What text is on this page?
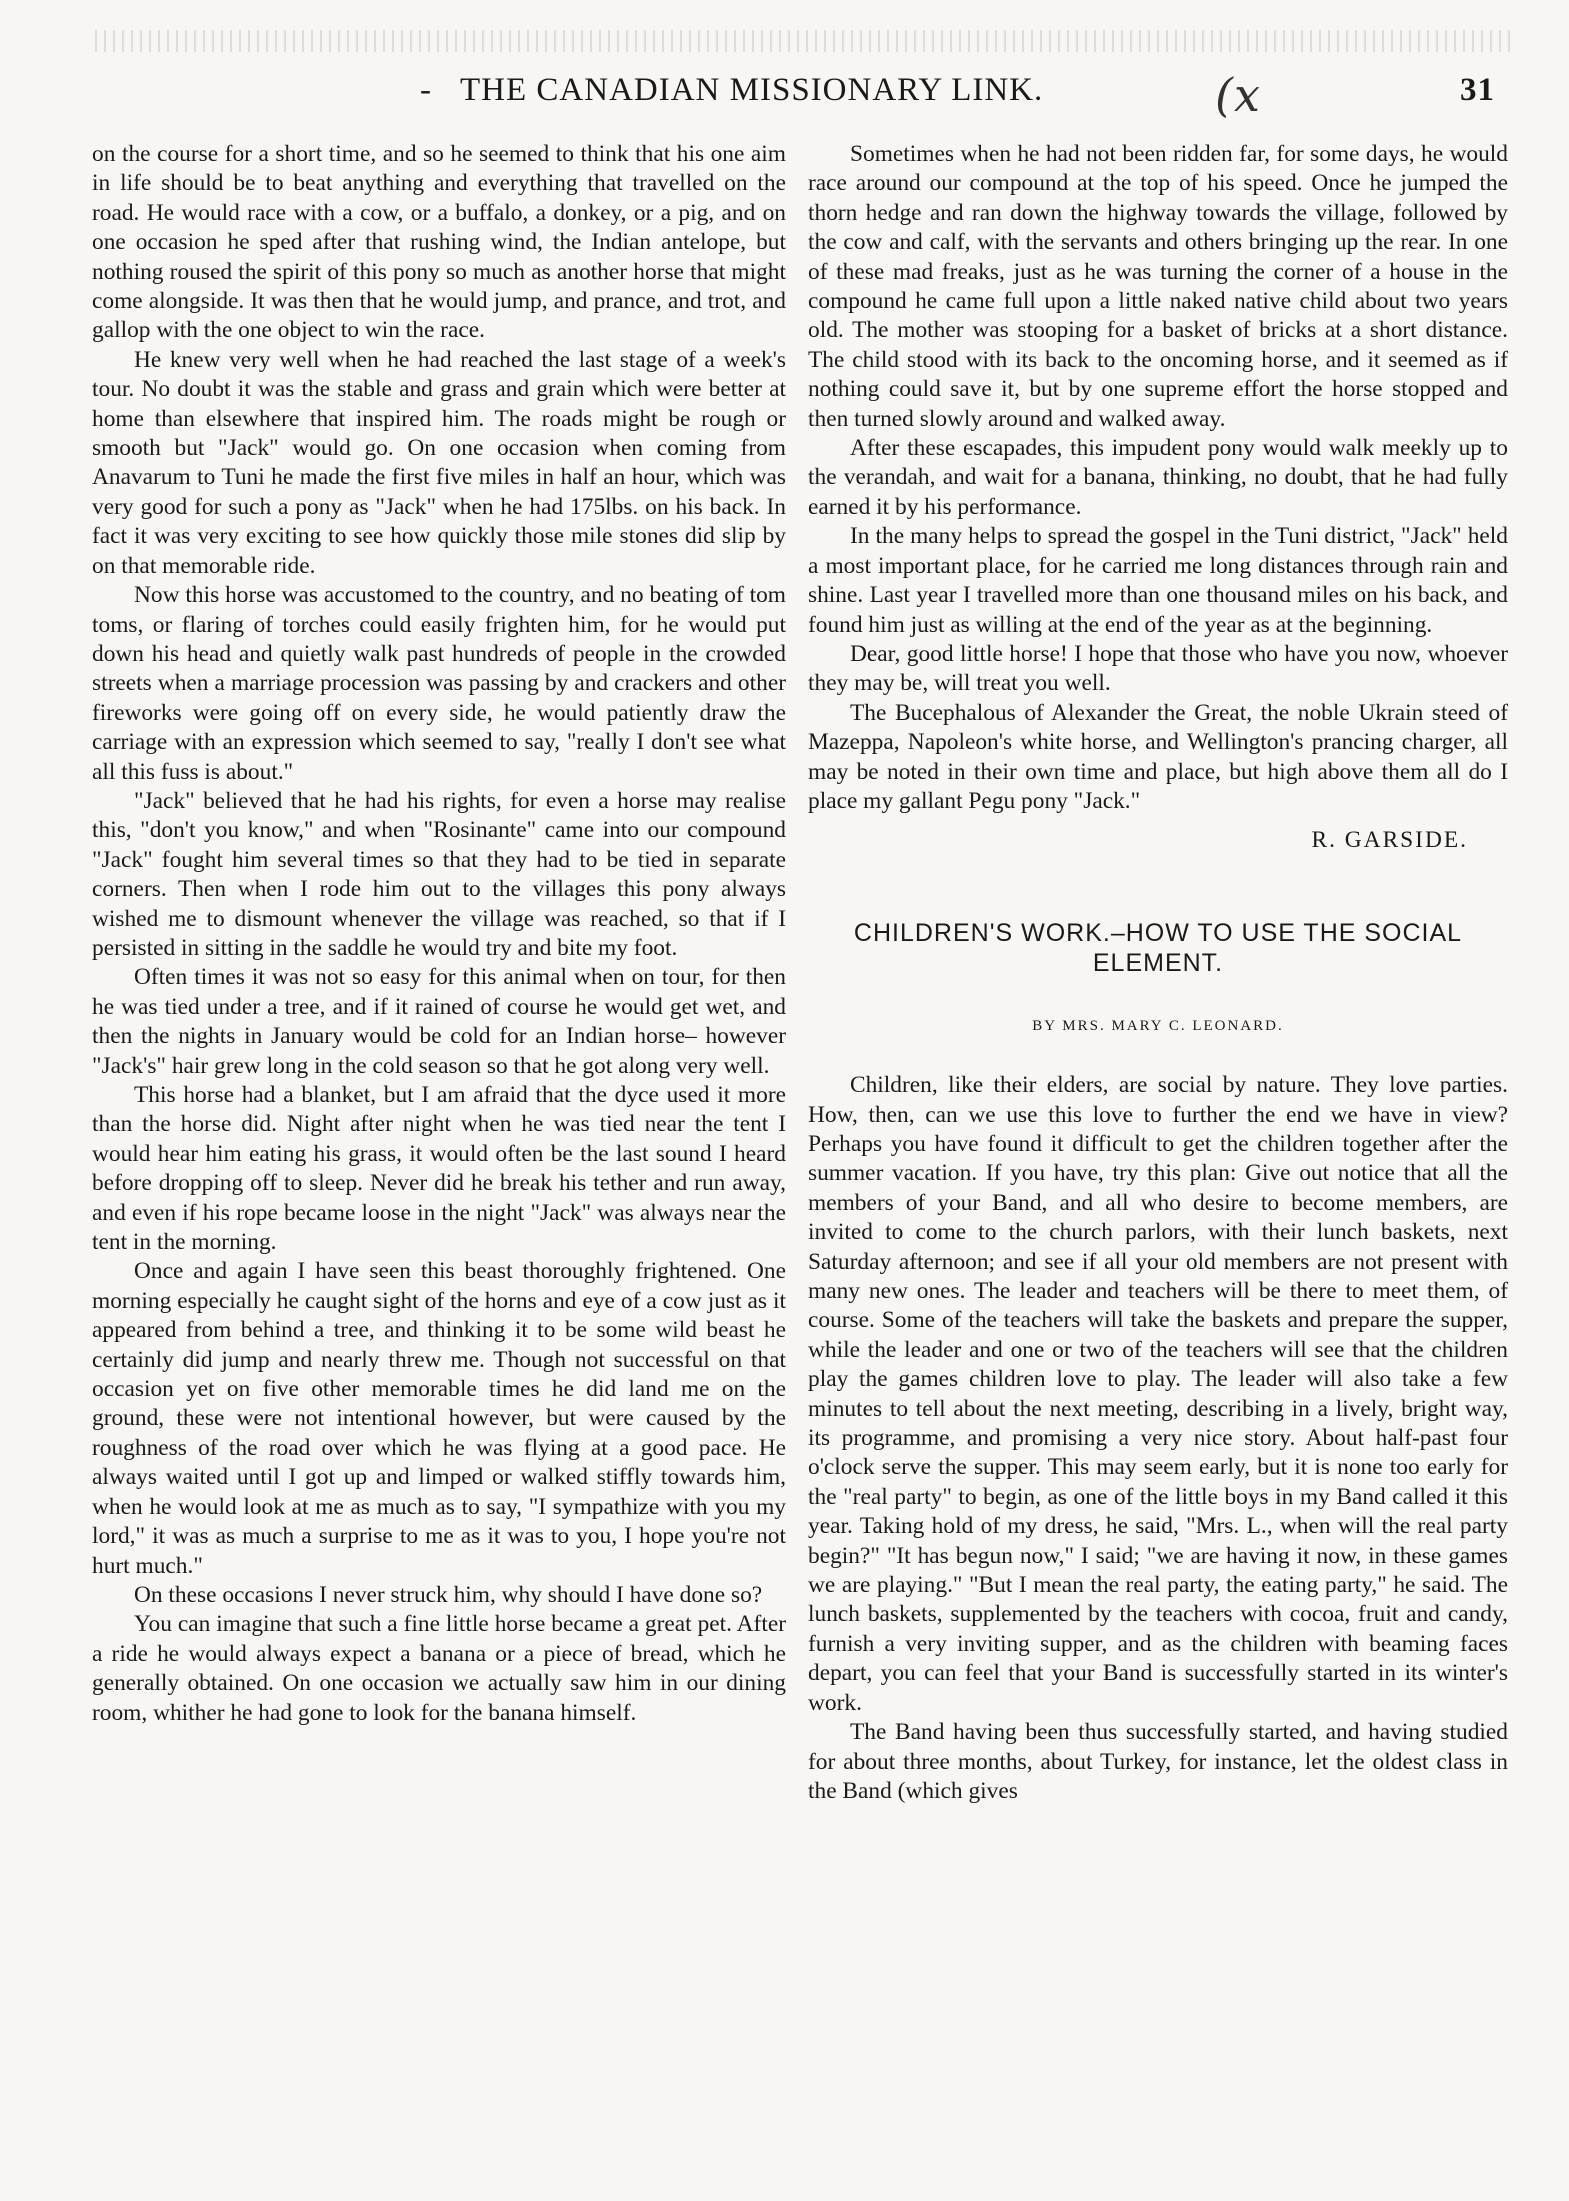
- THE CANADIAN MISSIONARY LINK.	(x	31

on the course for a short time, and so he seemed to think that his one aim in life should be to beat anything and everything that travelled on the road. He would race with a cow, or a buffalo, a donkey, or a pig, and on one occasion he sped after that rushing wind, the Indian antelope, but nothing roused the spirit of this pony so much as another horse that might come alongside. It was then that he would jump, and prance, and trot, and gallop with the one object to win the race.

He knew very well when he had reached the last stage of a week's tour. No doubt it was the stable and grass and grain which were better at home than elsewhere that inspired him. The roads might be rough or smooth but "Jack" would go. On one occasion when coming from Anavarum to Tuni he made the first five miles in half an hour, which was very good for such a pony as "Jack" when he had 175lbs. on his back. In fact it was very exciting to see how quickly those mile stones did slip by on that memorable ride.

Now this horse was accustomed to the country, and no beating of tom toms, or flaring of torches could easily frighten him, for he would put down his head and quietly walk past hundreds of people in the crowded streets when a marriage procession was passing by and crackers and other fireworks were going off on every side, he would patiently draw the carriage with an expression which seemed to say, "really I don't see what all this fuss is about."

"Jack" believed that he had his rights, for even a horse may realise this, "don't you know," and when "Rosinante" came into our compound "Jack" fought him several times so that they had to be tied in separate corners. Then when I rode him out to the villages this pony always wished me to dismount whenever the village was reached, so that if I persisted in sitting in the saddle he would try and bite my foot.

Often times it was not so easy for this animal when on tour, for then he was tied under a tree, and if it rained of course he would get wet, and then the nights in January would be cold for an Indian horse– however "Jack's" hair grew long in the cold season so that he got along very well.

This horse had a blanket, but I am afraid that the dyce used it more than the horse did. Night after night when he was tied near the tent I would hear him eating his grass, it would often be the last sound I heard before dropping off to sleep. Never did he break his tether and run away, and even if his rope became loose in the night "Jack" was always near the tent in the morning.

Once and again I have seen this beast thoroughly frightened. One morning especially he caught sight of the horns and eye of a cow just as it appeared from behind a tree, and thinking it to be some wild beast he certainly did jump and nearly threw me. Though not successful on that occasion yet on five other memorable times he did land me on the ground, these were not intentional however, but were caused by the roughness of the road over which he was flying at a good pace. He always waited until I got up and limped or walked stiffly towards him, when he would look at me as much as to say, "I sympathize with you my lord," it was as much a surprise to me as it was to you, I hope you're not hurt much."

On these occasions I never struck him, why should I have done so?

You can imagine that such a fine little horse became a great pet. After a ride he would always expect a banana or a piece of bread, which he generally obtained. On one occasion we actually saw him in our dining room, whither he had gone to look for the banana himself.

Sometimes when he had not been ridden far, for some days, he would race around our compound at the top of his speed. Once he jumped the thorn hedge and ran down the highway towards the village, followed by the cow and calf, with the servants and others bringing up the rear. In one of these mad freaks, just as he was turning the corner of a house in the compound he came full upon a little naked native child about two years old. The mother was stooping for a basket of bricks at a short distance. The child stood with its back to the oncoming horse, and it seemed as if nothing could save it, but by one supreme effort the horse stopped and then turned slowly around and walked away.

After these escapades, this impudent pony would walk meekly up to the verandah, and wait for a banana, thinking, no doubt, that he had fully earned it by his performance.

In the many helps to spread the gospel in the Tuni district, "Jack" held a most important place, for he carried me long distances through rain and shine. Last year I travelled more than one thousand miles on his back, and found him just as willing at the end of the year as at the beginning.

Dear, good little horse! I hope that those who have you now, whoever they may be, will treat you well.

The Bucephalous of Alexander the Great, the noble Ukrain steed of Mazeppa, Napoleon's white horse, and Wellington's prancing charger, all may be noted in their own time and place, but high above them all do I place my gallant Pegu pony "Jack."

R. GARSIDE.

CHILDREN'S WORK.–HOW TO USE THE SOCIAL ELEMENT.
BY MRS. MARY C. LEONARD.

Children, like their elders, are social by nature. They love parties. How, then, can we use this love to further the end we have in view? Perhaps you have found it difficult to get the children together after the summer vacation. If you have, try this plan: Give out notice that all the members of your Band, and all who desire to become members, are invited to come to the church parlors, with their lunch baskets, next Saturday afternoon; and see if all your old members are not present with many new ones. The leader and teachers will be there to meet them, of course. Some of the teachers will take the baskets and prepare the supper, while the leader and one or two of the teachers will see that the children play the games children love to play. The leader will also take a few minutes to tell about the next meeting, describing in a lively, bright way, its programme, and promising a very nice story. About half-past four o'clock serve the supper. This may seem early, but it is none too early for the "real party" to begin, as one of the little boys in my Band called it this year. Taking hold of my dress, he said, "Mrs. L., when will the real party begin?" "It has begun now," I said; "we are having it now, in these games we are playing." "But I mean the real party, the eating party," he said. The lunch baskets, supplemented by the teachers with cocoa, fruit and candy, furnish a very inviting supper, and as the children with beaming faces depart, you can feel that your Band is successfully started in its winter's work.

The Band having been thus successfully started, and having studied for about three months, about Turkey, for instance, let the oldest class in the Band (which gives
